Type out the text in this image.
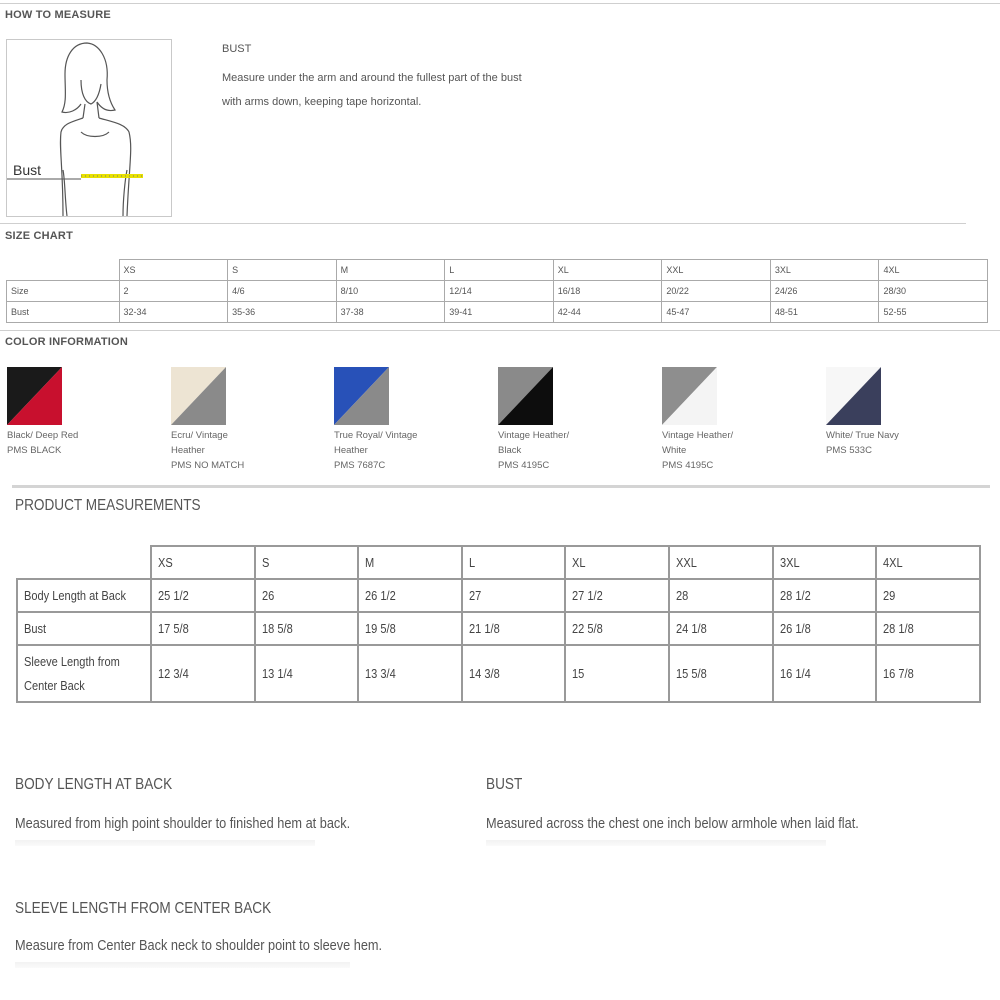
HOW TO MEASURE
Bust
BUST
Measure under the arm and around the fullest part of the bust
with arms down, keeping tape horizontal.
SIZE CHART
	XS	S	M	L	XL	XXL	3XL	4XL
Size	2	4/6	8/10	12/14	16/18	20/22	24/26	28/30
Bust	32-34	35-36	37-38	39-41	42-44	45-47	48-51	52-55
COLOR INFORMATION
Black/ Deep Red
PMS BLACK
Ecru/ Vintage
Heather
PMS NO MATCH
True Royal/ Vintage
Heather
PMS 7687C
Vintage Heather/
Black
PMS 4195C
Vintage Heather/
White
PMS 4195C
White/ True Navy
PMS 533C
PRODUCT MEASUREMENTS
	XS	S	M	L	XL	XXL	3XL	4XL
Body Length at Back	25 1/2	26	26 1/2	27	27 1/2	28	28 1/2	29
Bust	17 5/8	18 5/8	19 5/8	21 1/8	22 5/8	24 1/8	26 1/8	28 1/8
Sleeve Length from
Center Back	12 3/4	13 1/4	13 3/4	14 3/8	15	15 5/8	16 1/4	16 7/8
BODY LENGTH AT BACK
Measured from high point shoulder to finished hem at back.
BUST
Measured across the chest one inch below armhole when laid flat.
SLEEVE LENGTH FROM CENTER BACK
Measure from Center Back neck to shoulder point to sleeve hem.
